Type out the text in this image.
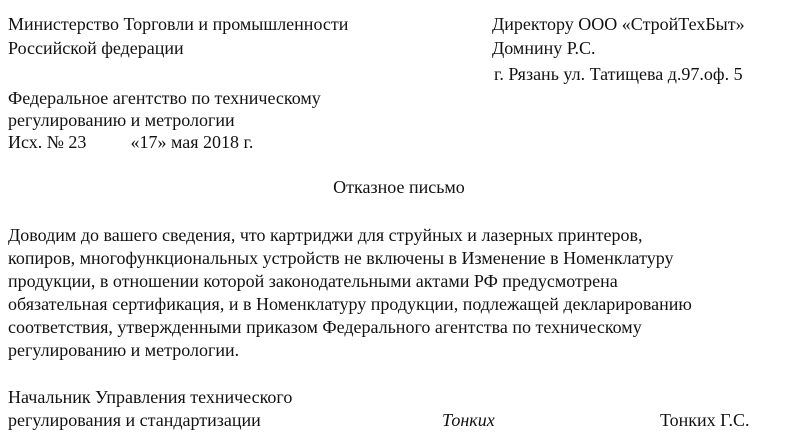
Министерство Торговли и промышленности
Российской федерации
Директору ООО «СтройТехБыт»
Домнину Р.С.
г. Рязань ул. Татищева д.97.оф. 5
Федеральное агентство по техническому
регулированию и метрологии
Исх. № 23 «17» мая 2018 г.
Отказное письмо
Доводим до вашего сведения, что картриджи для струйных и лазерных принтеров,
копиров, многофункциональных устройств не включены в Изменение в Номенклатуру
продукции, в отношении которой законодательными актами РФ предусмотрена
обязательная сертификация, и в Номенклатуру продукции, подлежащей декларированию
соответствия, утвержденными приказом Федерального агентства по техническому
регулированию и метрологии.
Начальник Управления технического
регулирования и стандартизации	Тонких	Тонких Г.С.
